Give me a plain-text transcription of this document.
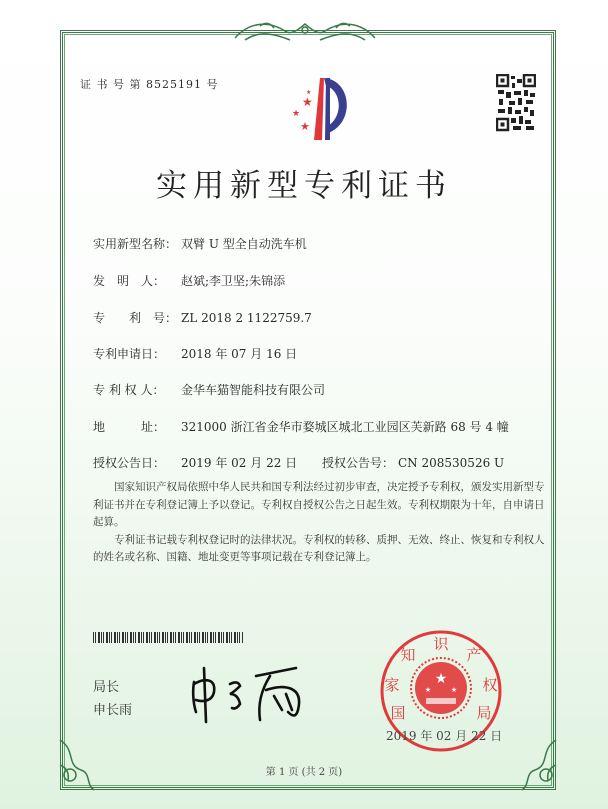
证 书 号 第 8525191 号
★
★
★
★
实用新型专利证书
实用新型名称： 双臂 U 型全自动洗车机
发　明　人： 赵斌;李卫坚;朱锦添
专　　利　号： ZL 2018 2 1122759.7
专利申请日： 2018 年 07 月 16 日
专 利 权 人： 金华车猫智能科技有限公司
地　　　址： 321000 浙江省金华市婺城区城北工业园区芙新路 68 号 4 幢
授权公告日： 2019 年 02 月 22 日 授权公告号： CN 208530526 U

国家知识产权局依照中华人民共和国专利法经过初步审查，决定授予专利权，颁发实用新型专利证书并在专利登记簿上予以登记。专利权自授权公告之日起生效。专利权期限为十年，自申请日起算。

专利证书记载专利权登记时的法律状况。专利权的转移、质押、无效、终止、恢复和专利权人的姓名或名称、国籍、地址变更等事项记载在专利登记簿上。

局长
申长雨
★
★	★
国
家
知
识
产
权
局
2019 年 02 月 22 日
第 1 页 (共 2 页)
